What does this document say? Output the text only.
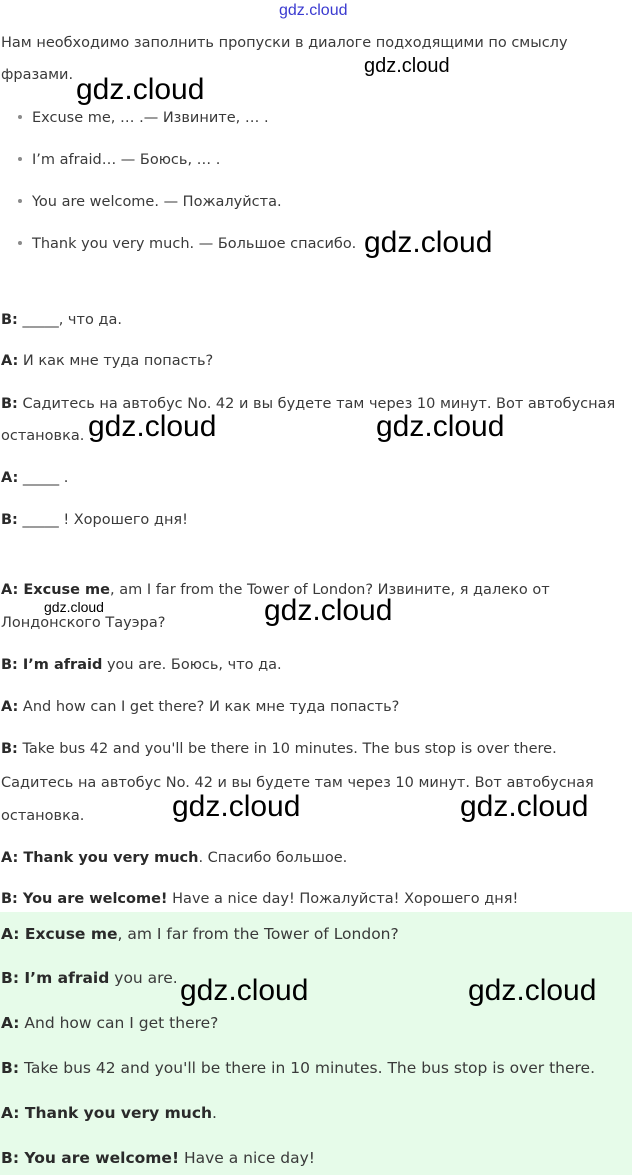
gdz.cloud
Нам необходимо заполнить пропуски в диалоге подходящими по смыслу
фразами.
Excuse me, … .— Извините, … .
I’m afraid… — Боюсь, … .
You are welcome. — Пожалуйста.
Thank you very much. — Большое спасибо.
B: _____, что да.
A: И как мне туда попасть?
B: Садитесь на автобус No. 42 и вы будете там через 10 минут. Вот автобусная
остановка.
A: _____ .
B: _____ ! Хорошего дня!
A: Excuse me, am I far from the Tower of London? Извините, я далеко от
Лондонского Тауэра?
B: I’m afraid you are. Боюсь, что да.
A: And how can I get there? И как мне туда попасть?
B: Take bus 42 and you'll be there in 10 minutes. The bus stop is over there.
Садитесь на автобус No. 42 и вы будете там через 10 минут. Вот автобусная
остановка.
A: Thank you very much. Спасибо большое.
B: You are welcome! Have a nice day! Пожалуйста! Хорошего дня!
A: Excuse me, am I far from the Tower of London?
B: I’m afraid you are.
A: And how can I get there?
B: Take bus 42 and you'll be there in 10 minutes. The bus stop is over there.
A: Thank you very much.
B: You are welcome! Have a nice day!
gdz.cloud
gdz.cloud
gdz.cloud
gdz.cloud	gdz.cloud
gdz.cloud	gdz.cloud
gdz.cloud	gdz.cloud
gdz.cloud	gdz.cloud
